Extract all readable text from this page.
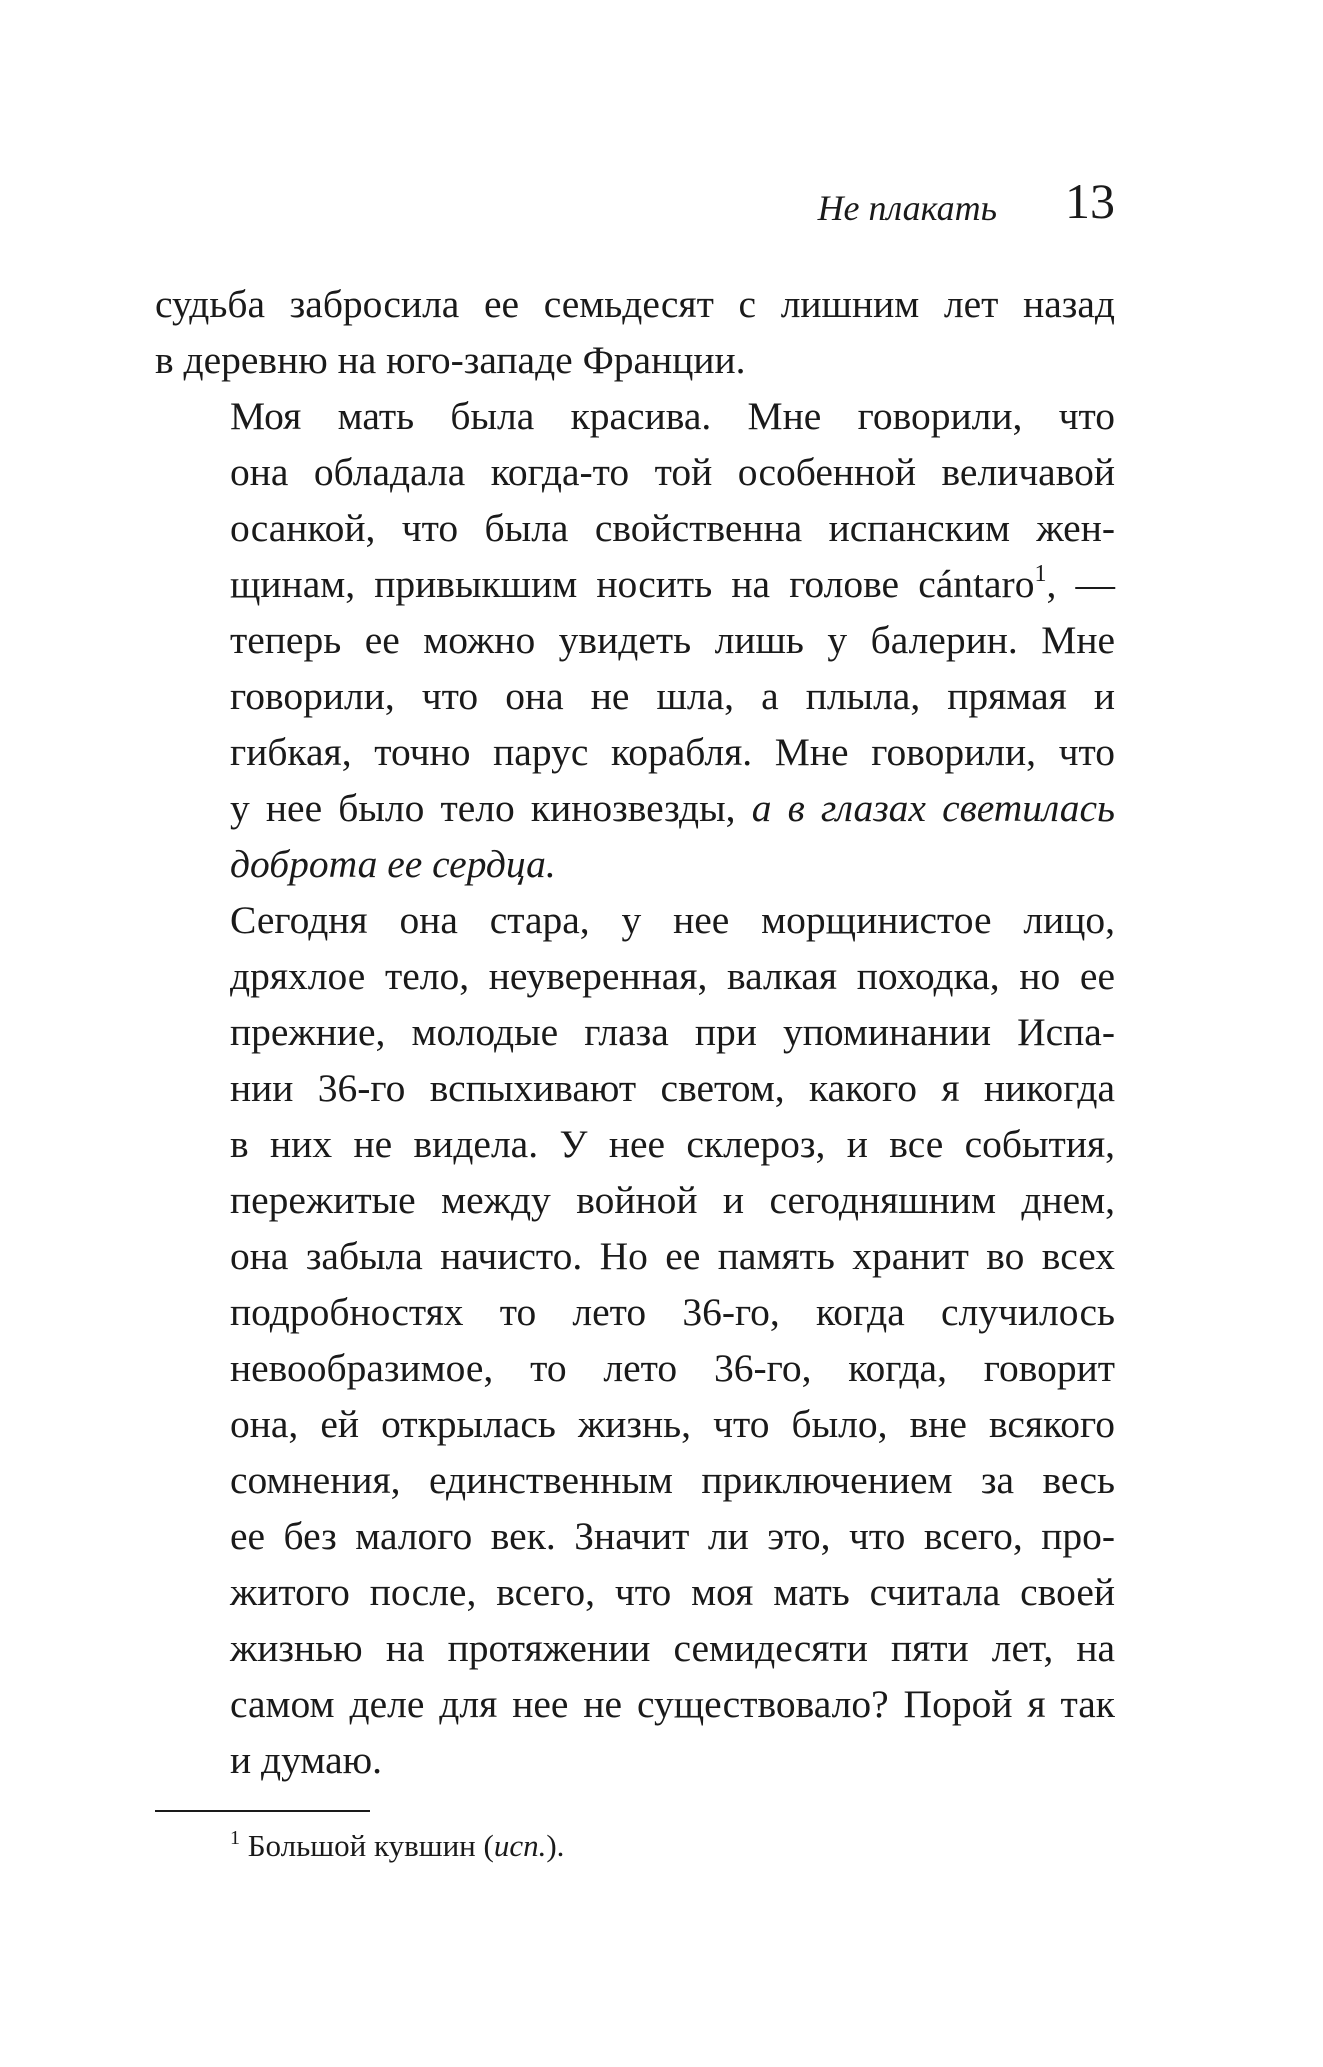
Не плакать 13

судьба забросила ее семьдесят с лишним лет назад
в деревню на юго-западе Франции.

Моя мать была красива. Мне говорили, что
она обладала когда-то той особенной величавой
осанкой, что была свойственна испанским жен-
щинам, привыкшим носить на голове cántaro$^1$, —
теперь ее можно увидеть лишь у балерин. Мне
говорили, что она не шла, а плыла, прямая и
гибкая, точно парус корабля. Мне говорили, что
у нее было тело кинозвезды, а в глазах светилась
доброта ее сердца.

Сегодня она стара, у нее морщинистое лицо,
дряхлое тело, неуверенная, валкая походка, но ее
прежние, молодые глаза при упоминании Испа-
нии 36-го вспыхивают светом, какого я никогда
в них не видела. У нее склероз, и все события,
пережитые между войной и сегодняшним днем,
она забыла начисто. Но ее память хранит во всех
подробностях то лето 36-го, когда случилось
невообразимое, то лето 36-го, когда, говорит
она, ей открылась жизнь, что было, вне всякого
сомнения, единственным приключением за весь
ее без малого век. Значит ли это, что всего, про-
житого после, всего, что моя мать считала своей
жизнью на протяжении семидесяти пяти лет, на
самом деле для нее не существовало? Порой я так
и думаю.

$^1$ Большой кувшин (исп.).
